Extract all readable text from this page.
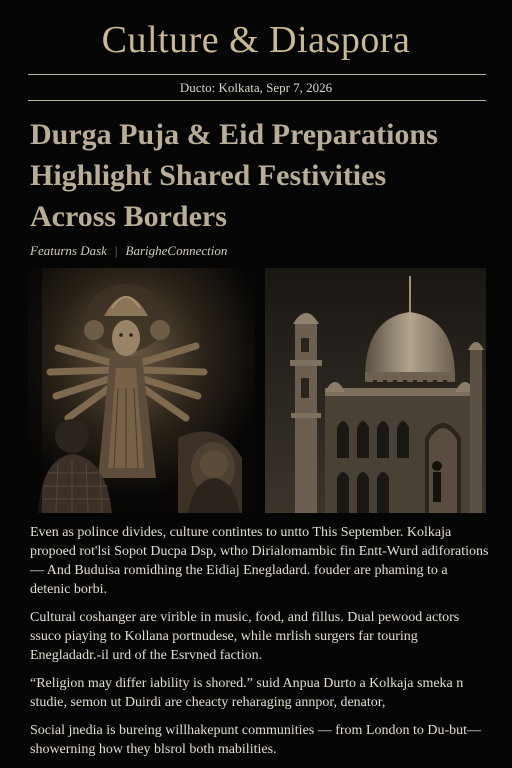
Culture & Diaspora
Ducto: Kolkata, Sepr 7, 2026
Durga Puja & Eid Preparations
Highlight Shared Festivities
Across Borders
Featurns Dask | BarigheConnection

Even as polince divides, culture contintes to untto This September. Kolkaja propoed rot'lsi Sopot Ducpa Dsp, wtho Dirialomambic fin Entt-Wurd adiforations — And Buduisa romidhing the Eidiaj Enegladard. fouder are phaming to a detenic borbi.

Cultural coshanger are virible in music, food, and fillus. Dual pewood actors ssuco piaying to Kollana portnudese, while mrlish surgers far touring Enegladadr.-il urd of the Esrvned faction.

“Religion may differ iability is shored.” suid Anpua Durto a Kolkaja smeka n studie, semon ut Duirdi are cheacty reharaging annpor, denator,

Social jnedia is bureing willhakepunt communities — from London to Du-but— showerning how they blsrol both mabilities.
